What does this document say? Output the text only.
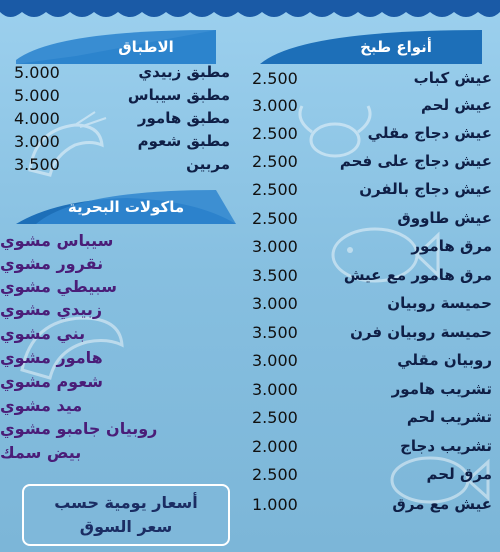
الاطباق	أنواع طبخ
5.000	مطبق زبيدي
5.000	مطبق سيباس
4.000	مطبق هامور
3.000	مطبق شعوم
3.500	مربين
ماكولات البحرية
سيباس مشوي
نقرور مشوي
سبيطي مشوي
زبيدي مشوي
بني مشوي
هامور مشوي
شعوم مشوي
ميد مشوي
روبيان جامبو مشوي
بيض سمك
أسعار يومية حسب
سعر السوق
2.500	عيش كباب
3.000	عيش لحم
2.500	عيش دجاج مقلي
2.500	عيش دجاج على فحم
2.500	عيش دجاج بالفرن
2.500	عيش طاووق
3.000	مرق هامور
3.500	مرق هامور مع عيش
3.000	حميسة روبيان
3.500	حميسة روبيان فرن
3.000	روبيان مقلي
3.000	تشريب هامور
2.500	تشريب لحم
2.000	تشريب دجاج
2.500	مرق لحم
1.000	عيش مع مرق
